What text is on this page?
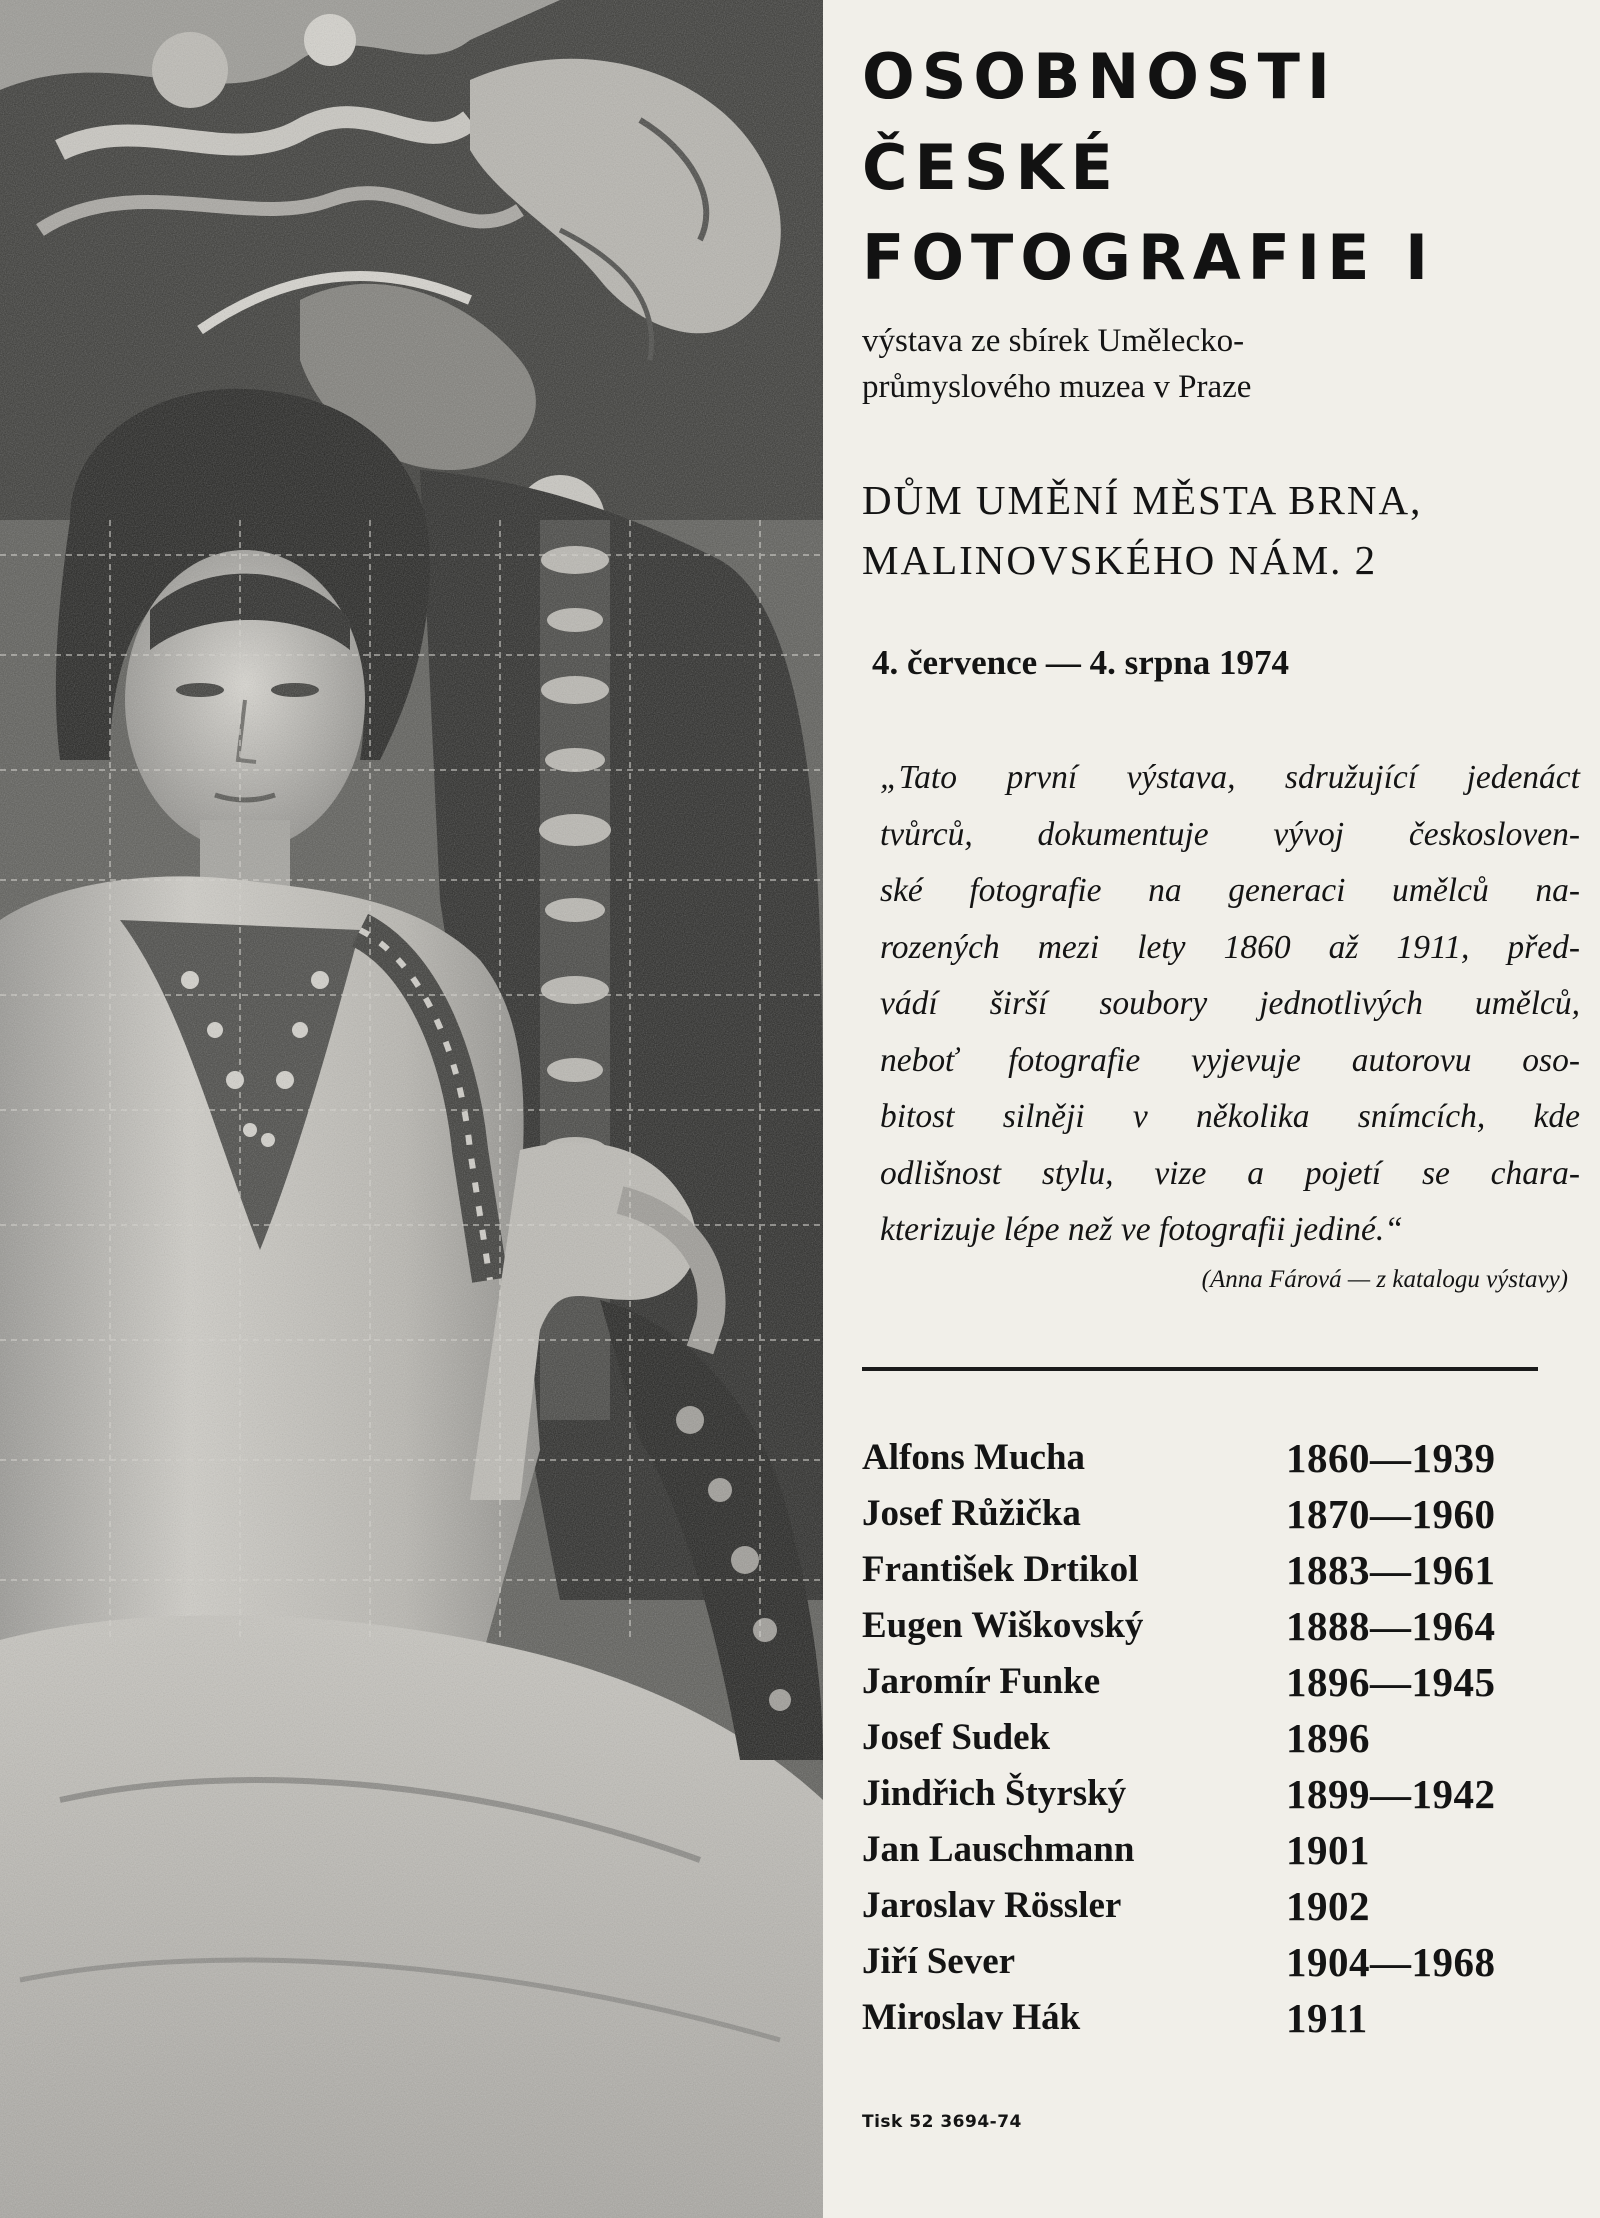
OSOBNOSTI
ČESKÉ
FOTOGRAFIE I
výstava ze sbírek Umělecko-
průmyslového muzea v Praze
DŮM UMĚNÍ MĚSTA BRNA,
MALINOVSKÉHO NÁM. 2
4. července — 4. srpna 1974
„Tato první výstava, sdružující jedenáct
tvůrců, dokumentuje vývoj českosloven-
ské fotografie na generaci umělců na-
rozených mezi lety 1860 až 1911, před-
vádí širší soubory jednotlivých umělců,
neboť fotografie vyjevuje autorovu oso-
bitost silněji v několika snímcích, kde
odlišnost stylu, vize a pojetí se chara-
kterizuje lépe než ve fotografii jediné.“
(Anna Fárová — z katalogu výstavy)
Alfons Mucha	1860—1939
Josef Růžička	1870—1960
František Drtikol	1883—1961
Eugen Wiškovský	1888—1964
Jaromír Funke	1896—1945
Josef Sudek	1896
Jindřich Štyrský	1899—1942
Jan Lauschmann	1901
Jaroslav Rössler	1902
Jiří Sever	1904—1968
Miroslav Hák	1911
Tisk 52 3694-74
